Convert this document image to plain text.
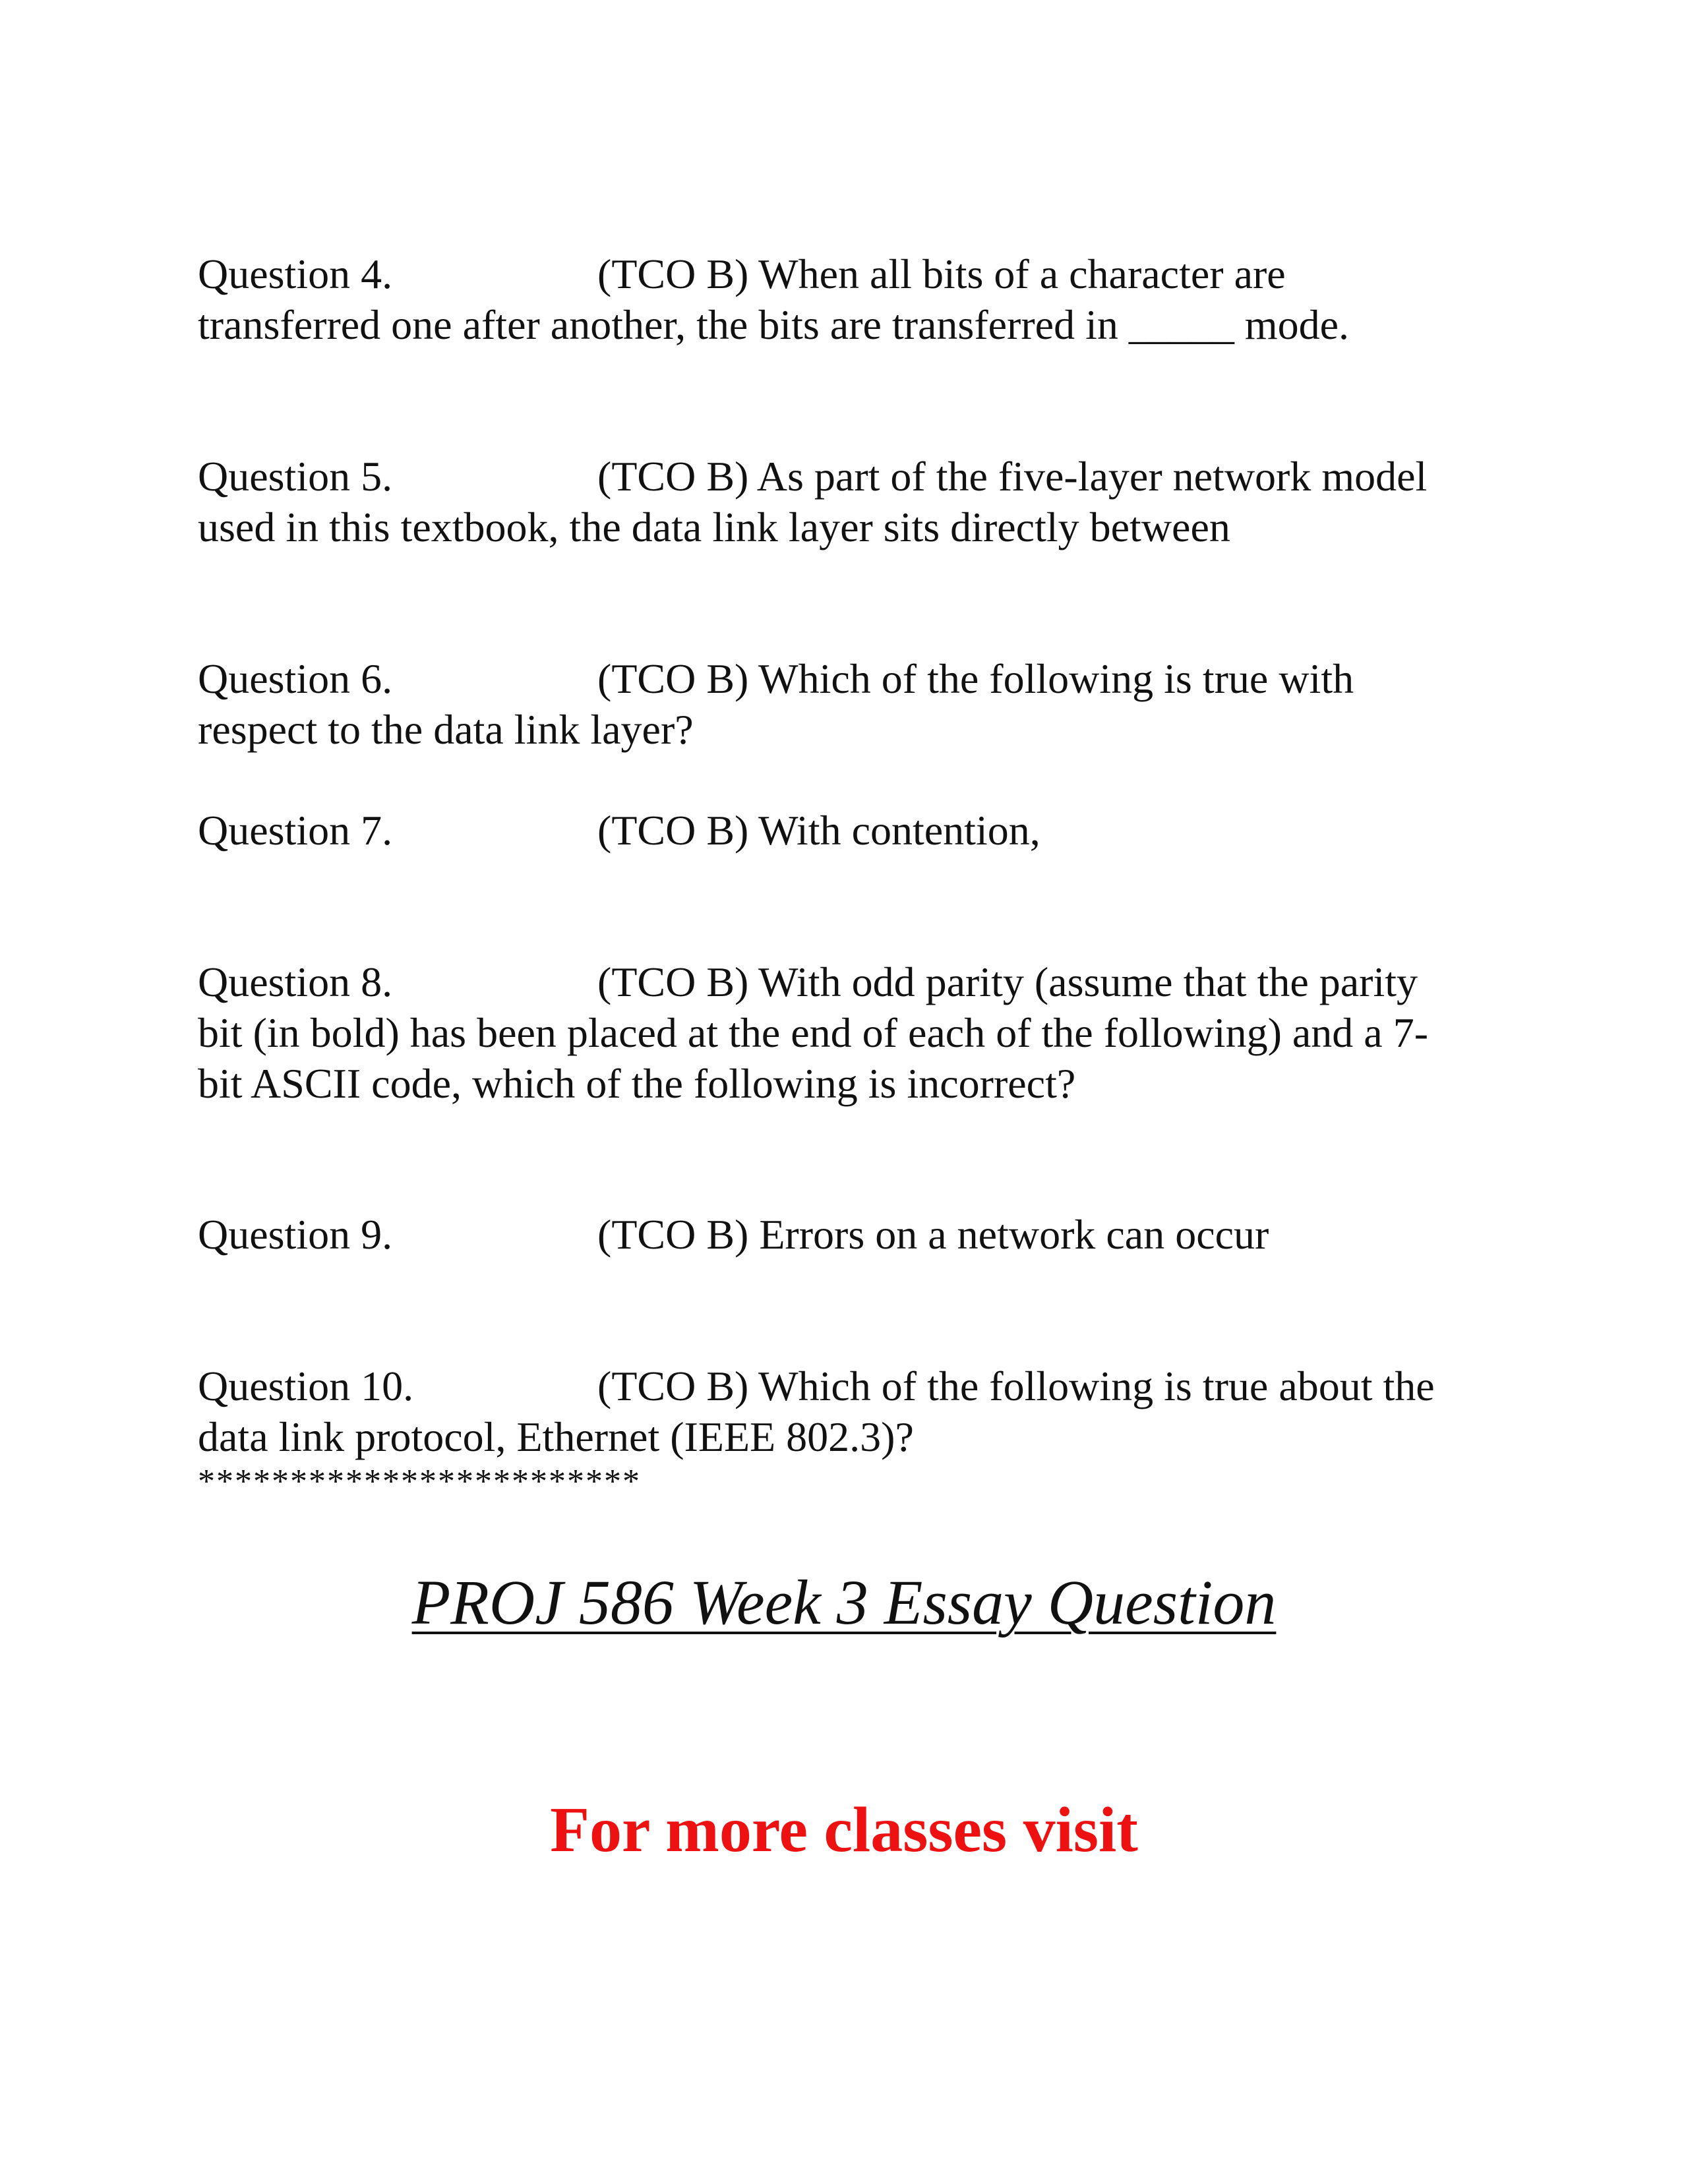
Question 4.	(TCO B) When all bits of a character are
transferred one after another, the bits are transferred in _____ mode.
Question 5.	(TCO B) As part of the five-layer network model
used in this textbook, the data link layer sits directly between
Question 6.	(TCO B) Which of the following is true with
respect to the data link layer?
Question 7.	(TCO B) With contention,
Question 8.	(TCO B) With odd parity (assume that the parity
bit (in bold) has been placed at the end of each of the following) and a 7-
bit ASCII code, which of the following is incorrect?
Question 9.	(TCO B) Errors on a network can occur
Question 10.	(TCO B) Which of the following is true about the
data link protocol, Ethernet (IEEE 802.3)?
************************
PROJ 586 Week 3 Essay Question
For more classes visit
